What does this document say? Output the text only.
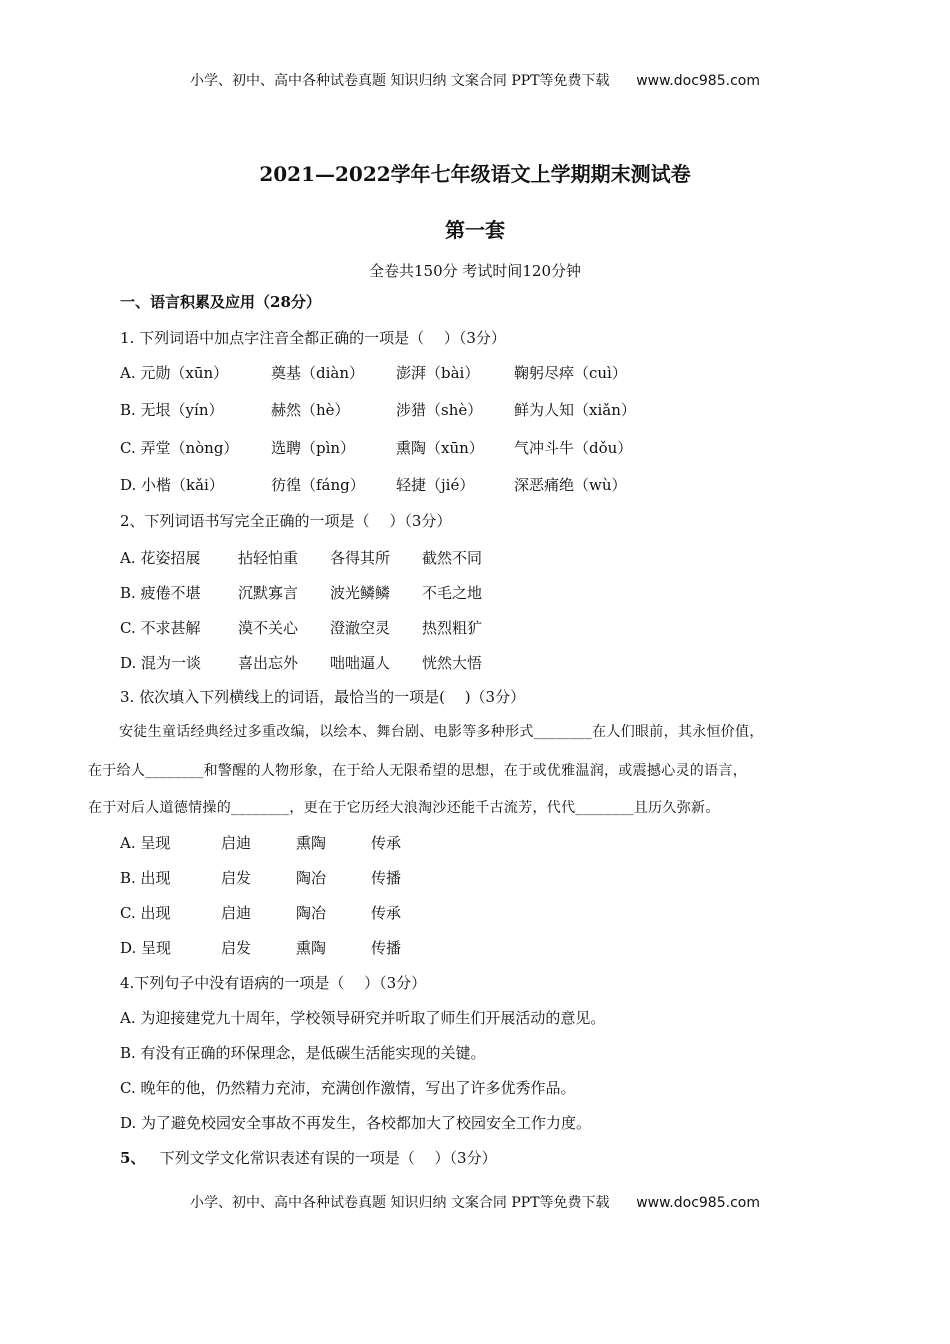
小学、初中、高中各种试卷真题 知识归纳 文案合同 PPT等免费下载 www.doc985.com
2021—2022学年七年级语文上学期期末测试卷
第一套
全卷共150分 考试时间120分钟
一、语言积累及应用（28分）
1. 下列词语中加点字注音全都正确的一项是（　 ）（3分）
A. 元勋（xūn）	奠基（diàn） 澎湃（bài） 鞠躬尽瘁（cuì）
B. 无垠（yín）	赫然（hè）	涉猎（shè） 鲜为人知（xiǎn）
C. 弄堂（nòng） 选聘（pìn）	熏陶（xūn） 气冲斗牛（dǒu）
D. 小楷（kǎi）	彷徨（fáng） 轻捷（jié）	深恶痛绝（wù）
2、下列词语书写完全正确的一项是（　 ）（3分）
A. 花姿招展	拈轻怕重 各得其所 截然不同
B. 疲倦不堪 沉默寡言 波光鳞鳞 不毛之地
C. 不求甚解	漠不关心 澄澈空灵 热烈粗犷
D. 混为一谈 喜出忘外 咄咄逼人 恍然大悟
3. 依次填入下列横线上的词语，最恰当的一项是(　 )（3分）
安徒生童话经典经过多重改编，以绘本、舞台剧、电影等多种形式________在人们眼前，其永恒价值，
在于给人________和警醒的人物形象，在于给人无限希望的思想，在于或优雅温润，或震撼心灵的语言，
在于对后人道德情操的________，更在于它历经大浪淘沙还能千古流芳，代代________且历久弥新。
A. 呈现	启迪	熏陶	传承
B. 出现	启发	陶冶	传播
C. 出现	启迪	陶冶	传承
D. 呈现	启发	熏陶	传播
4.下列句子中没有语病的一项是（　 ）（3分）
A. 为迎接建党九十周年，学校领导研究并听取了师生们开展活动的意见。
B. 有没有正确的环保理念，是低碳生活能实现的关键。
C. 晚年的他，仍然精力充沛，充满创作激情，写出了许多优秀作品。
D. 为了避免校园安全事故不再发生，各校都加大了校园安全工作力度。
5、 下列文学文化常识表述有误的一项是（　 ）（3分）
小学、初中、高中各种试卷真题 知识归纳 文案合同 PPT等免费下载 www.doc985.com
